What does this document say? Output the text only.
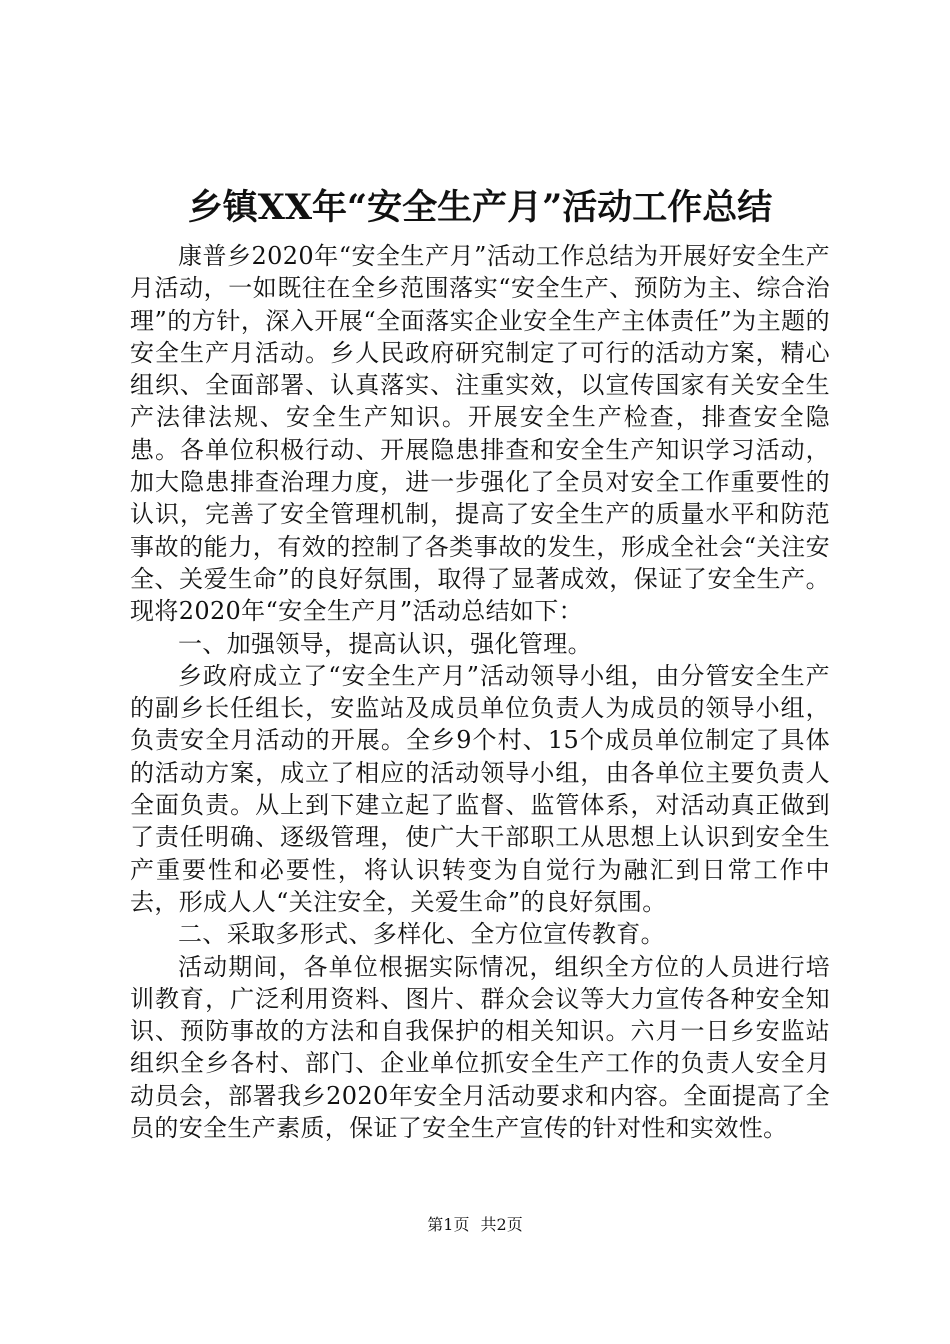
乡镇XX年“安全生产月”活动工作总结

康普乡2020年“安全生产月”活动工作总结为开展好安全生产月活动，一如既往在全乡范围落实“安全生产、预防为主、综合治理”的方针，深入开展“全面落实企业安全生产主体责任”为主题的安全生产月活动。乡人民政府研究制定了可行的活动方案，精心组织、全面部署、认真落实、注重实效，以宣传国家有关安全生产法律法规、安全生产知识。开展安全生产检查，排查安全隐患。各单位积极行动、开展隐患排查和安全生产知识学习活动，加大隐患排查治理力度，进一步强化了全员对安全工作重要性的认识，完善了安全管理机制，提高了安全生产的质量水平和防范事故的能力，有效的控制了各类事故的发生，形成全社会“关注安全、关爱生命”的良好氛围，取得了显著成效，保证了安全生产。现将2020年“安全生产月”活动总结如下：

一、加强领导，提高认识，强化管理。

乡政府成立了“安全生产月”活动领导小组，由分管安全生产的副乡长任组长，安监站及成员单位负责人为成员的领导小组，负责安全月活动的开展。全乡9个村、15个成员单位制定了具体的活动方案，成立了相应的活动领导小组，由各单位主要负责人全面负责。从上到下建立起了监督、监管体系，对活动真正做到了责任明确、逐级管理，使广大干部职工从思想上认识到安全生产重要性和必要性，将认识转变为自觉行为融汇到日常工作中去，形成人人“关注安全，关爱生命”的良好氛围。

二、采取多形式、多样化、全方位宣传教育。

活动期间，各单位根据实际情况，组织全方位的人员进行培训教育，广泛利用资料、图片、群众会议等大力宣传各种安全知识、预防事故的方法和自我保护的相关知识。六月一日乡安监站组织全乡各村、部门、企业单位抓安全生产工作的负责人安全月动员会，部署我乡2020年安全月活动要求和内容。全面提高了全员的安全生产素质，保证了安全生产宣传的针对性和实效性。

第1页 共2页
